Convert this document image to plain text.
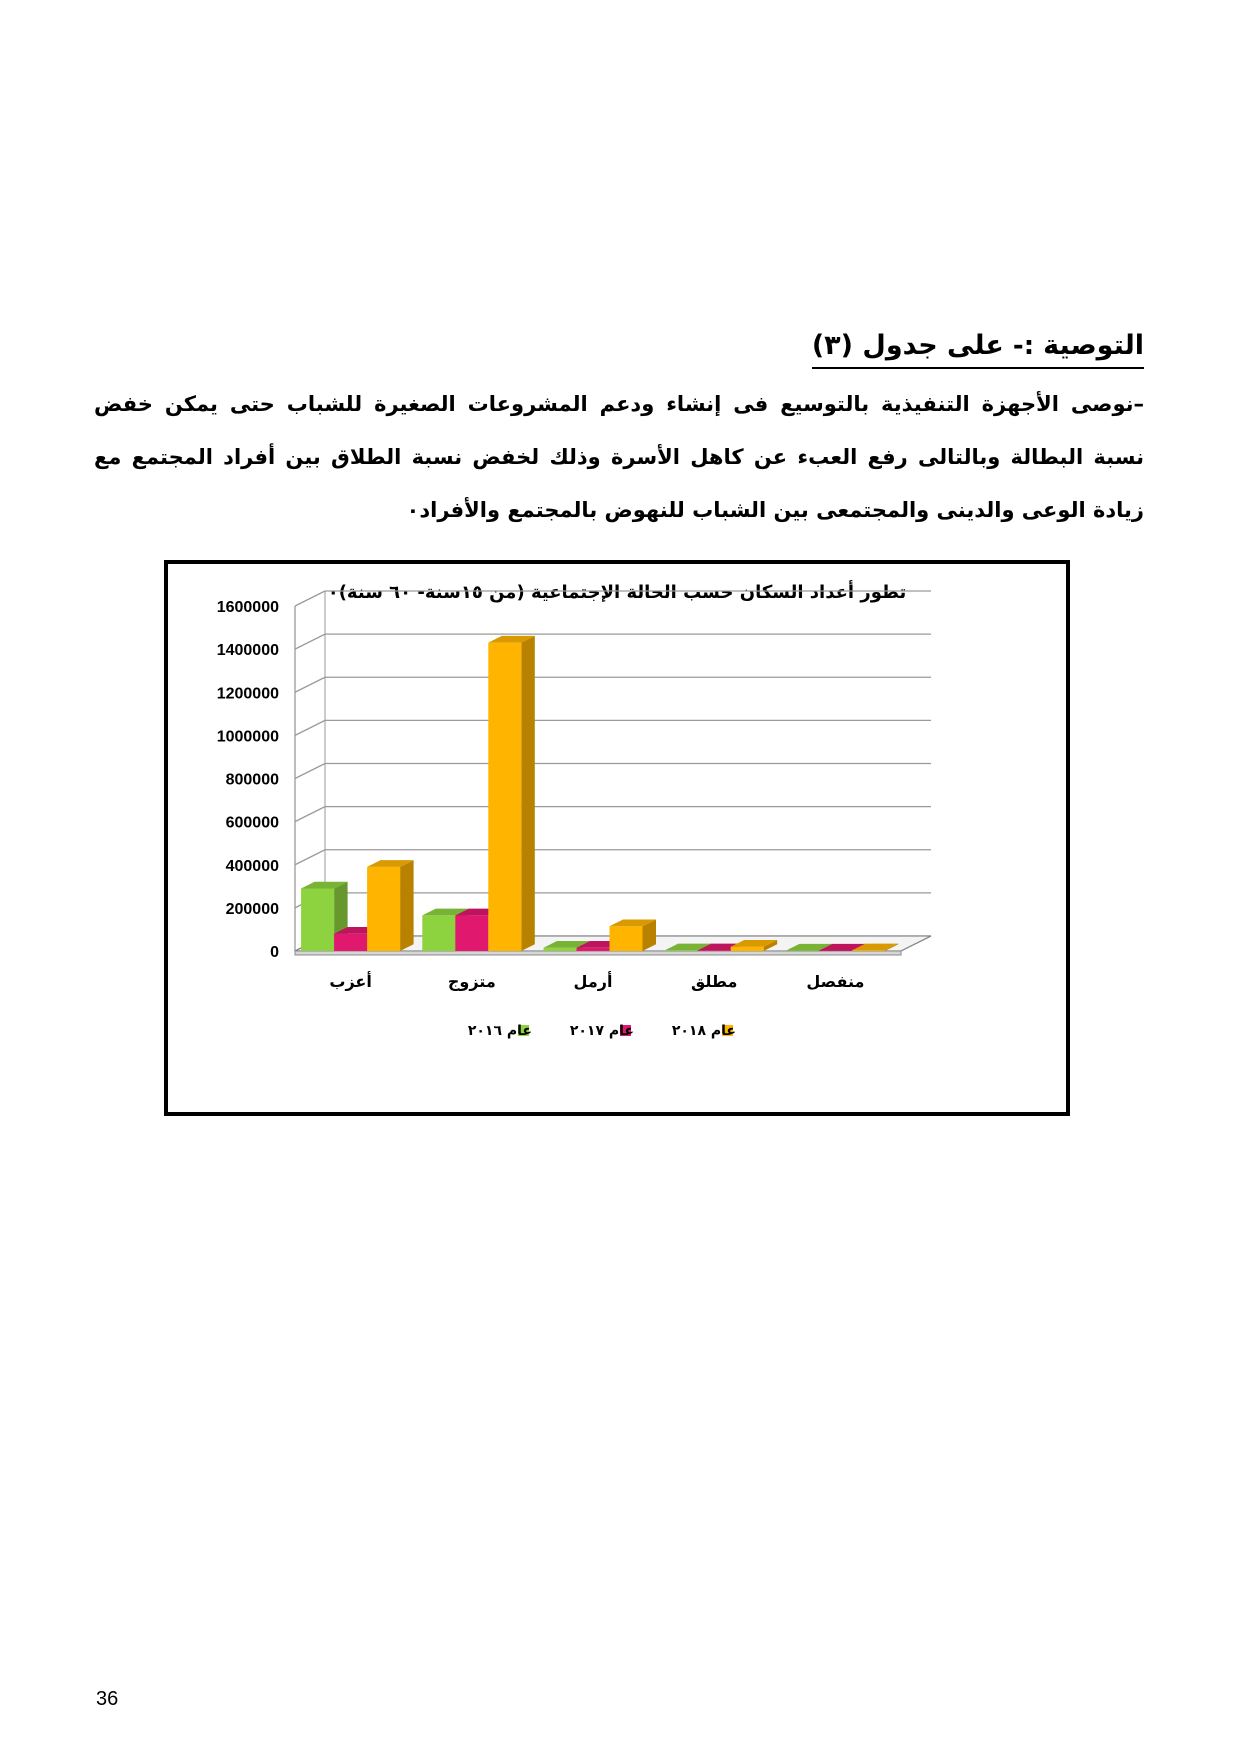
التوصية :- على جدول (٣)
–نوصى الأجهزة التنفيذية بالتوسيع فى إنشاء ودعم المشروعات الصغيرة للشباب حتى يمكن خفض نسبة البطالة وبالتالى رفع العبء عن كاهل الأسرة وذلك لخفض نسبة الطلاق بين أفراد المجتمع مع زيادة الوعى والدينى والمجتمعى بين الشباب للنهوض بالمجتمع والأفراد٠
تطور أعداد السكان حسب الحالة الإجتماعية (من ١٥سنة- ٦٠ سنة)٠
0
200000
400000
600000
800000
1000000
1200000
1400000
1600000
أعزب	متزوج	أرمل	مطلق	منفصل
عام ٢٠١٦	عام ٢٠١٧	عام ٢٠١٨
36
